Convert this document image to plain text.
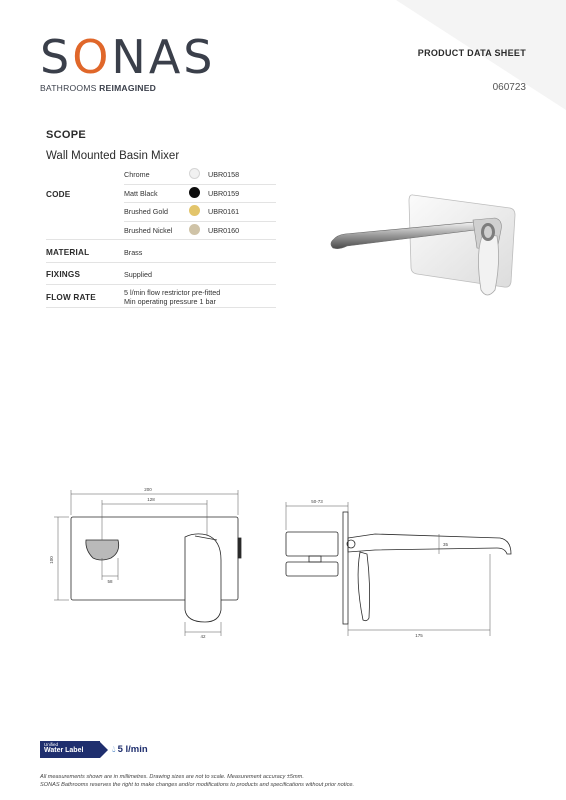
SONAS
BATHROOMS REIMAGINED
PRODUCT DATA SHEET
060723
SCOPE
Wall Mounted Basin Mixer
CODE
Chrome	UBR0158
Matt Black	UBR0159
Brushed Gold	UBR0161
Brushed Nickel	UBR0160
MATERIAL	Brass
FIXINGS	Supplied
FLOW RATE
5 l/min flow restrictor pre-fitted
Min operating pressure 1 bar
200
128
100
58
42
50-73
35
175
Unified
Water Label	💧︎ 5 l/min
All measurements shown are in millimetres. Drawing sizes are not to scale. Measurement accuracy ±5mm.
SONAS Bathrooms reserves the right to make changes and/or modifications to products and specifications without prior notice.
